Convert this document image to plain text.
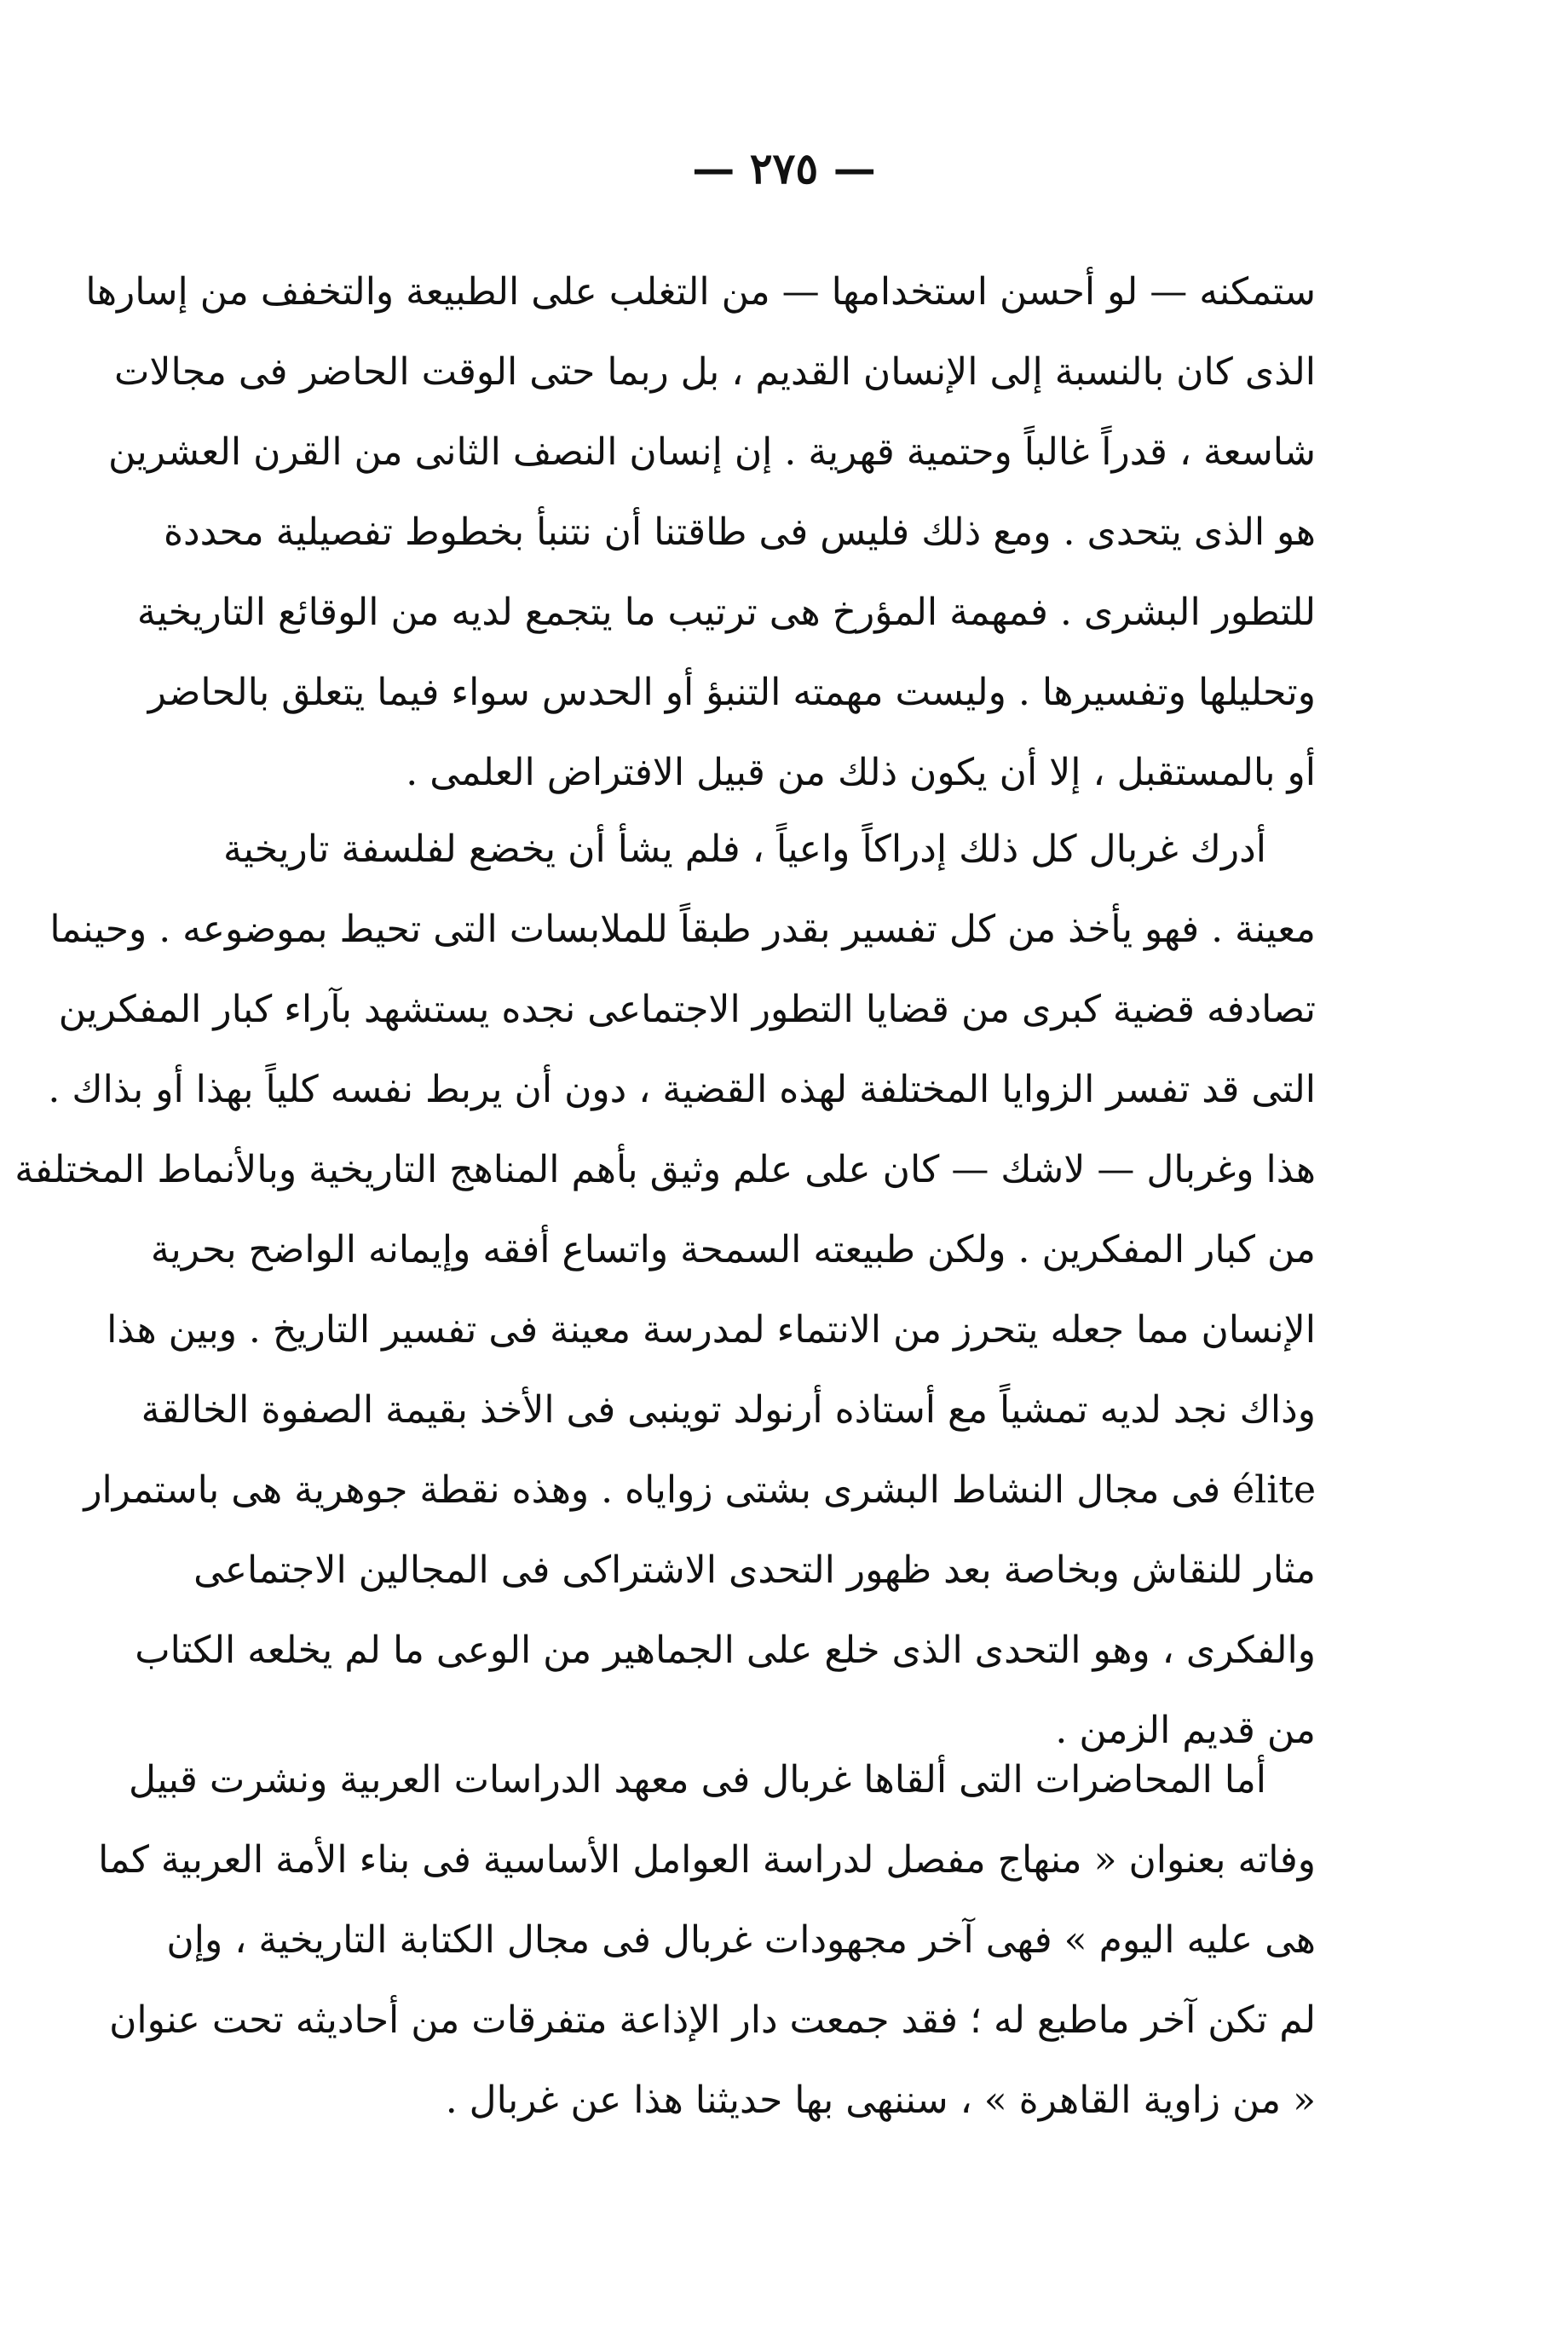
— ٢٧٥ —
ستمكنه — لو أحسن استخدامها — من التغلب على الطبيعة والتخفف من إسارها
الذى كان بالنسبة إلى الإنسان القديم ، بل ربما حتى الوقت الحاضر فى مجالات
شاسعة ، قدراً غالباً وحتمية قهرية . إن إنسان النصف الثانى من القرن العشرين
هو الذى يتحدى . ومع ذلك فليس فى طاقتنا أن نتنبأ بخطوط تفصيلية محددة
للتطور البشرى . فمهمة المؤرخ هى ترتيب ما يتجمع لديه من الوقائع التاريخية
وتحليلها وتفسيرها . وليست مهمته التنبؤ أو الحدس سواء فيما يتعلق بالحاضر
أو بالمستقبل ، إلا أن يكون ذلك من قبيل الافتراض العلمى .
أدرك غربال كل ذلك إدراكاً واعياً ، فلم يشأ أن يخضع لفلسفة تاريخية
معينة . فهو يأخذ من كل تفسير بقدر طبقاً للملابسات التى تحيط بموضوعه . وحينما
تصادفه قضية كبرى من قضايا التطور الاجتماعى نجده يستشهد بآراء كبار المفكرين
التى قد تفسر الزوايا المختلفة لهذه القضية ، دون أن يربط نفسه كلياً بهذا أو بذاك .
هذا وغربال — لاشك — كان على علم وثيق بأهم المناهج التاريخية وبالأنماط المختلفة
من كبار المفكرين . ولكن طبيعته السمحة واتساع أفقه وإيمانه الواضح بحرية
الإنسان مما جعله يتحرز من الانتماء لمدرسة معينة فى تفسير التاريخ . وبين هذا
وذاك نجد لديه تمشياً مع أستاذه أرنولد توينبى فى الأخذ بقيمة الصفوة الخالقة
élite فى مجال النشاط البشرى بشتى زواياه . وهذه نقطة جوهرية هى باستمرار
مثار للنقاش وبخاصة بعد ظهور التحدى الاشتراكى فى المجالين الاجتماعى
والفكرى ، وهو التحدى الذى خلع على الجماهير من الوعى ما لم يخلعه الكتاب
من قديم الزمن .
أما المحاضرات التى ألقاها غربال فى معهد الدراسات العربية ونشرت قبيل
وفاته بعنوان « منهاج مفصل لدراسة العوامل الأساسية فى بناء الأمة العربية كما
هى عليه اليوم » فهى آخر مجهودات غربال فى مجال الكتابة التاريخية ، وإن
لم تكن آخر ماطبع له ؛ فقد جمعت دار الإذاعة متفرقات من أحاديثه تحت عنوان
« من زاوية القاهرة » ، سننهى بها حديثنا هذا عن غربال .
